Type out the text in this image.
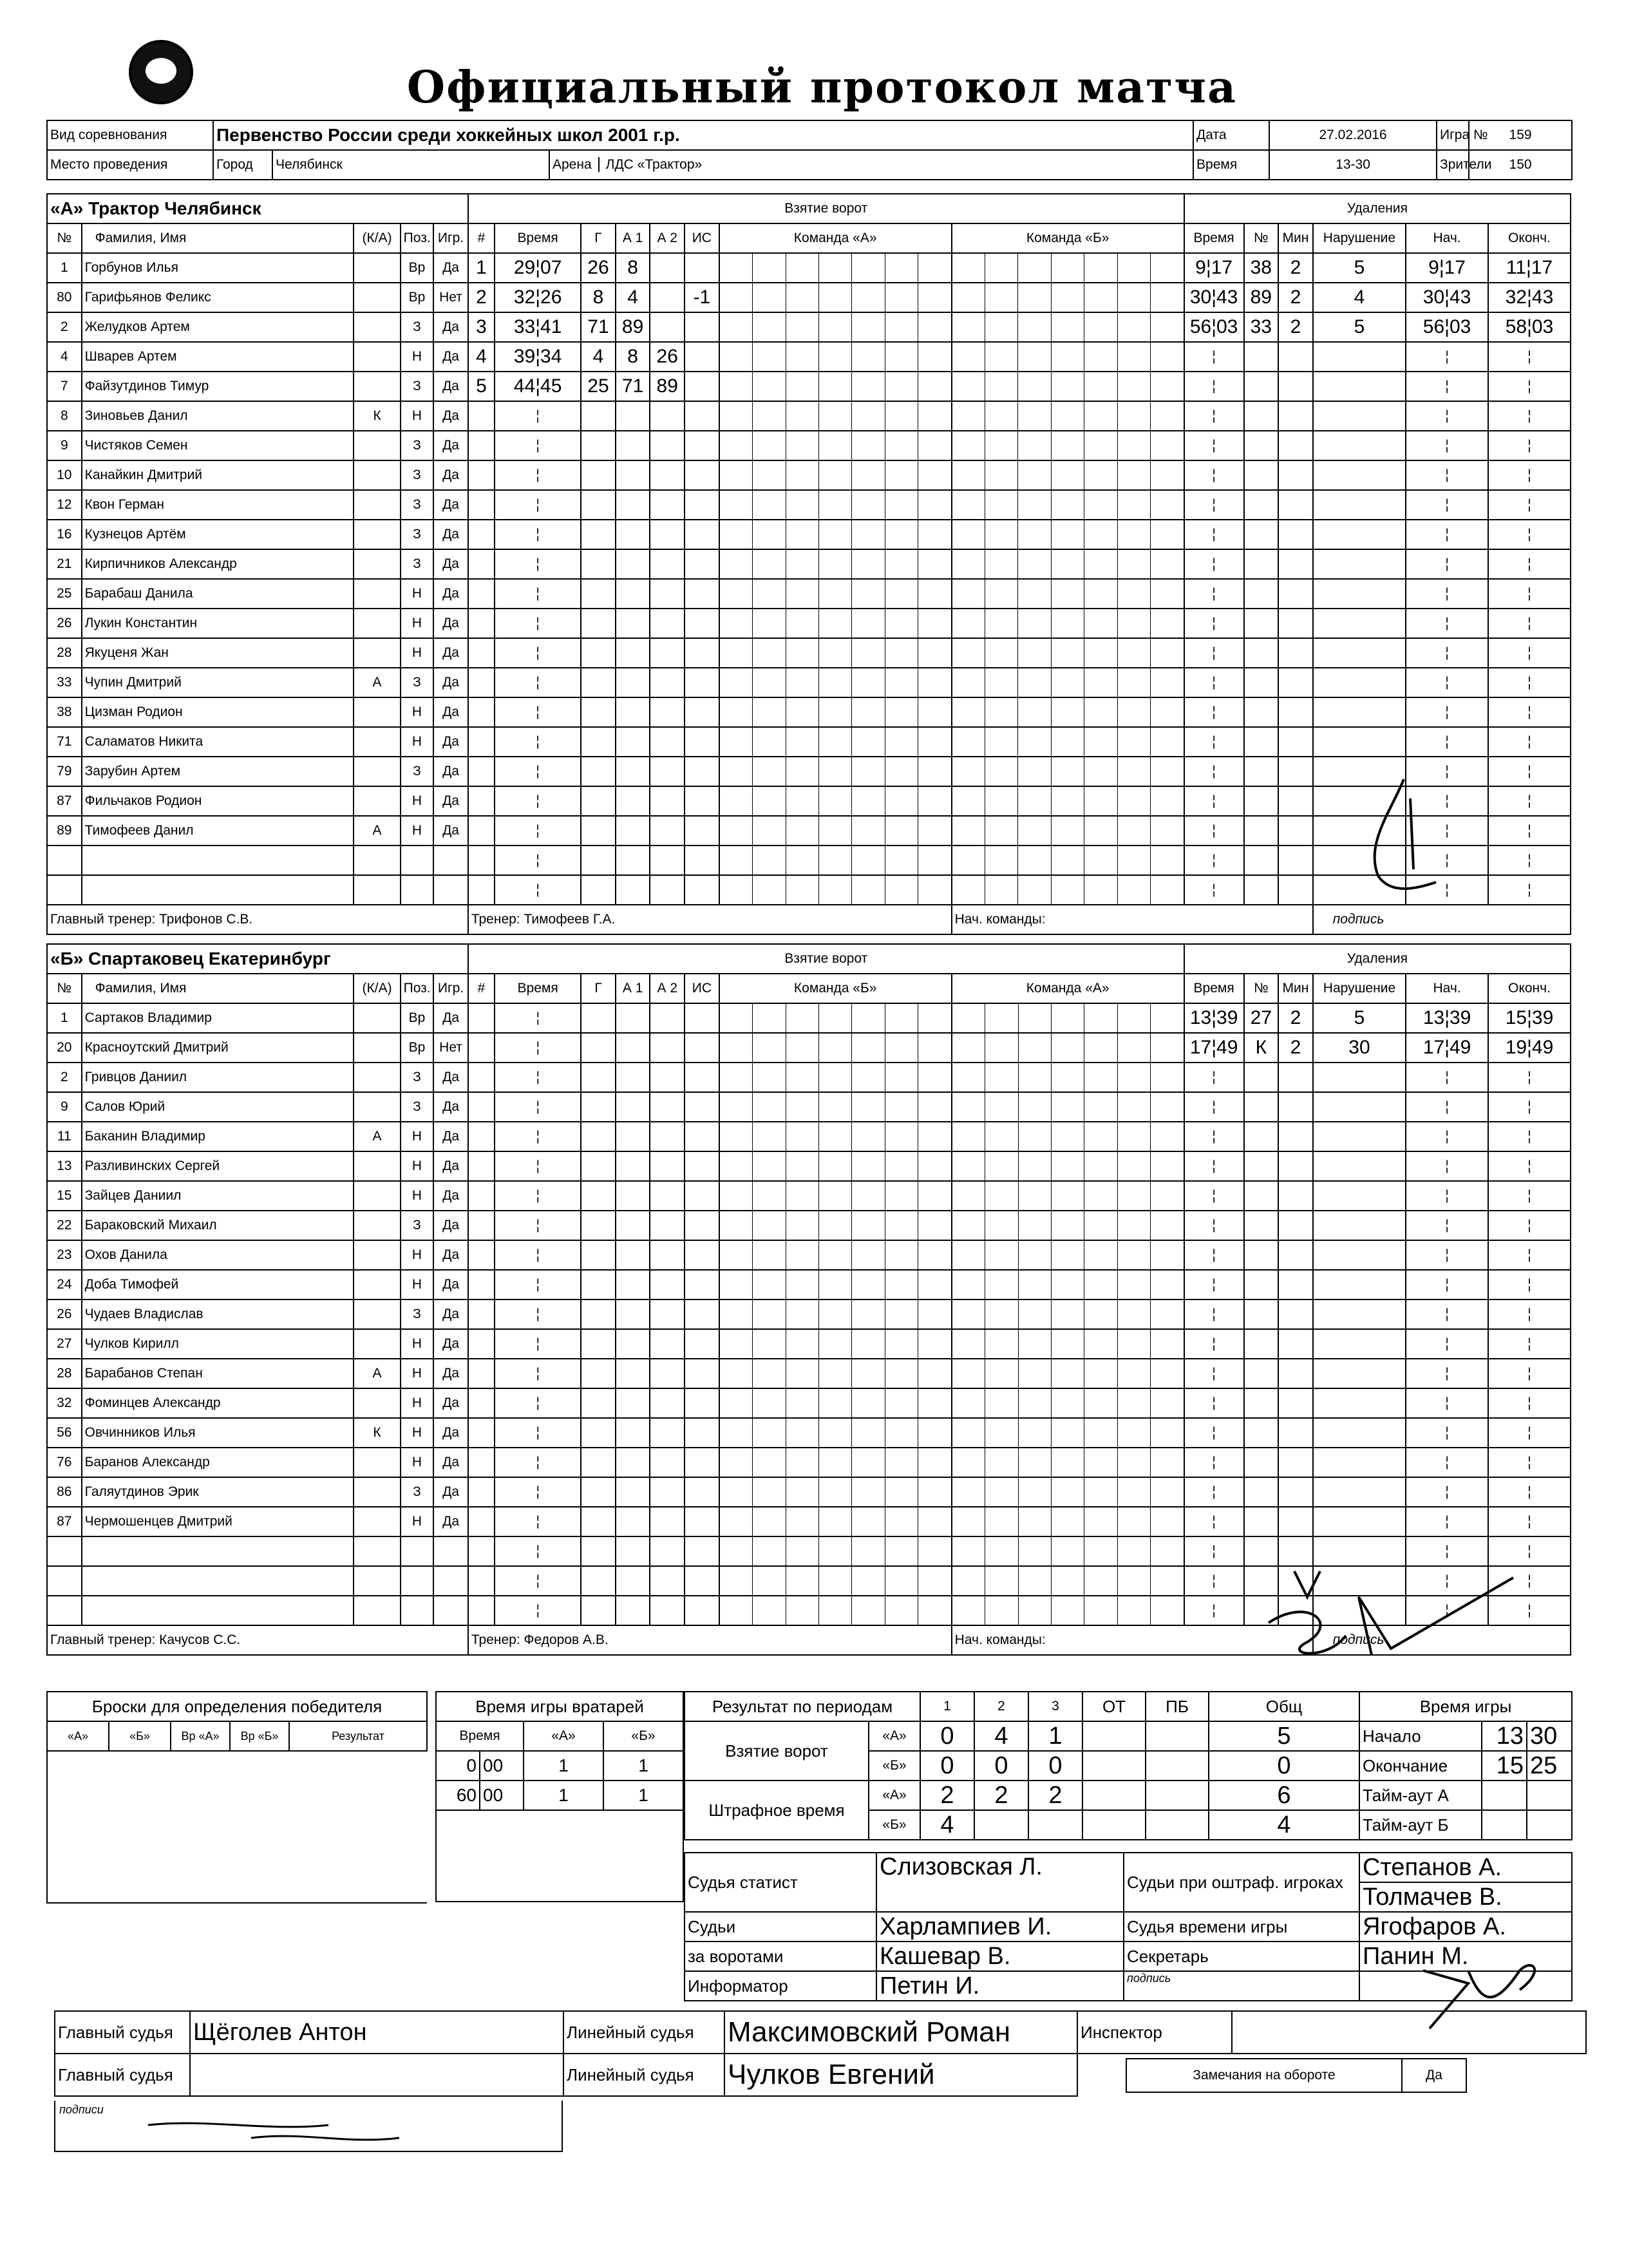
Официальный протокол матча
Вид соревнования	Первенство России среди хоккейных школ 2001 г.р.			Дата	27.02.2016	Игра №	159
Место проведения	Город	Челябинск	Арена ЛДС «Трактор»	Время	13-30	Зрители	150
«А» Трактор Челябинск					Взятие ворот								Удаления					
№	Фамилия, Имя	(К/А)	Поз.	Игр.	#	Время	Г	А 1	А 2	ИС	Команда «А»	Команда «Б»	Время	№	Мин	Нарушение	Нач.	Оконч.
1	Горбунов Илья		Вр	Да	1	29¦07	26	8					9¦17	38	2	5	9¦17	11¦17
80	Гарифьянов Феликс		Вр	Нет	2	32¦26	8	4		-1			30¦43	89	2	4	30¦43	32¦43
2	Желудков Артем		З	Да	3	33¦41	71	89					56¦03	33	2	5	56¦03	58¦03
4	Шварев Артем		Н	Да	4	39¦34	4	8	26				¦				¦	¦
7	Файзутдинов Тимур		З	Да	5	44¦45	25	71	89				¦				¦	¦
8	Зиновьев Данил	К	Н	Да		¦							¦				¦	¦
9	Чистяков Семен		З	Да		¦							¦				¦	¦
10	Канайкин Дмитрий		З	Да		¦							¦				¦	¦
12	Квон Герман		З	Да		¦							¦				¦	¦
16	Кузнецов Артём		З	Да		¦							¦				¦	¦
21	Кирпичников Александр		З	Да		¦							¦				¦	¦
25	Барабаш Данила		Н	Да		¦							¦				¦	¦
26	Лукин Константин		Н	Да		¦							¦				¦	¦
28	Якуценя Жан		Н	Да		¦							¦				¦	¦
33	Чупин Дмитрий	А	З	Да		¦							¦				¦	¦
38	Цизман Родион		Н	Да		¦							¦				¦	¦
71	Саламатов Никита		Н	Да		¦							¦				¦	¦
79	Зарубин Артем		З	Да		¦							¦				¦	¦
87	Фильчаков Родион		Н	Да		¦							¦				¦	¦
89	Тимофеев Данил	А	Н	Да		¦							¦				¦	¦
						¦							¦				¦	¦
						¦							¦				¦	¦
Главный тренер: Трифонов С.В.					Тренер: Тимофеев Г.А.							Нач. команды:				подпись		
«Б» Спартаковец Екатеринбург					Взятие ворот								Удаления					
№	Фамилия, Имя	(К/А)	Поз.	Игр.	#	Время	Г	А 1	А 2	ИС	Команда «Б»	Команда «А»	Время	№	Мин	Нарушение	Нач.	Оконч.
1	Сартаков Владимир		Вр	Да		¦							13¦39	27	2	5	13¦39	15¦39
20	Красноутский Дмитрий		Вр	Нет		¦							17¦49	К	2	30	17¦49	19¦49
2	Гривцов Даниил		З	Да		¦							¦				¦	¦
9	Салов Юрий		З	Да		¦							¦				¦	¦
11	Баканин Владимир	А	Н	Да		¦							¦				¦	¦
13	Разливинских Сергей		Н	Да		¦							¦				¦	¦
15	Зайцев Даниил		Н	Да		¦							¦				¦	¦
22	Бараковский Михаил		З	Да		¦							¦				¦	¦
23	Охов Данила		Н	Да		¦							¦				¦	¦
24	Доба Тимофей		Н	Да		¦							¦				¦	¦
26	Чудаев Владислав		З	Да		¦							¦				¦	¦
27	Чулков Кирилл		Н	Да		¦							¦				¦	¦
28	Барабанов Степан	А	Н	Да		¦							¦				¦	¦
32	Фоминцев Александр		Н	Да		¦							¦				¦	¦
56	Овчинников Илья	К	Н	Да		¦							¦				¦	¦
76	Баранов Александр		Н	Да		¦							¦				¦	¦
86	Галяутдинов Эрик		З	Да		¦							¦				¦	¦
87	Чермошенцев Дмитрий		Н	Да		¦							¦				¦	¦
						¦							¦				¦	¦
						¦							¦				¦	¦
						¦							¦				¦	¦
Главный тренер: Качусов С.С.					Тренер: Федоров А.В.							Нач. команды:				подпись		
Броски для определения победителя
«А»	«Б»	Вр «А»	Вр «Б»	Результат

Время игры вратарей			
Время		«А»	«Б»
0	00	1	1
60	00	1	1

Результат по периодам		1	2	3	ОТ	ПБ	Общ
Взятие ворот	«А»	0	4	1			5
	«Б»	0	0	0			0
Штрафное время	«А»	2	2	2			6
	«Б»	4					4
Время игры		
Начало	13	30
Окончание	15	25
Тайм-аут А		
Тайм-аут Б		
Судья статист	Слизовская Л.	Судьи при оштраф. игроках	Степанов А.
			Толмачев В.
Судьи	Харлампиев И.	Судья времени игры	Ягофаров А.
за воротами	Кашевар В.	Секретарь	Панин М.
Информатор	Петин И.	подпись	
Главный судья	Щёголев Антон	Линейный судья	Максимовский Роман	Инспектор	
Главный судья		Линейный судья	Чулков Евгений		Замечания на обороте	Да
подписи
